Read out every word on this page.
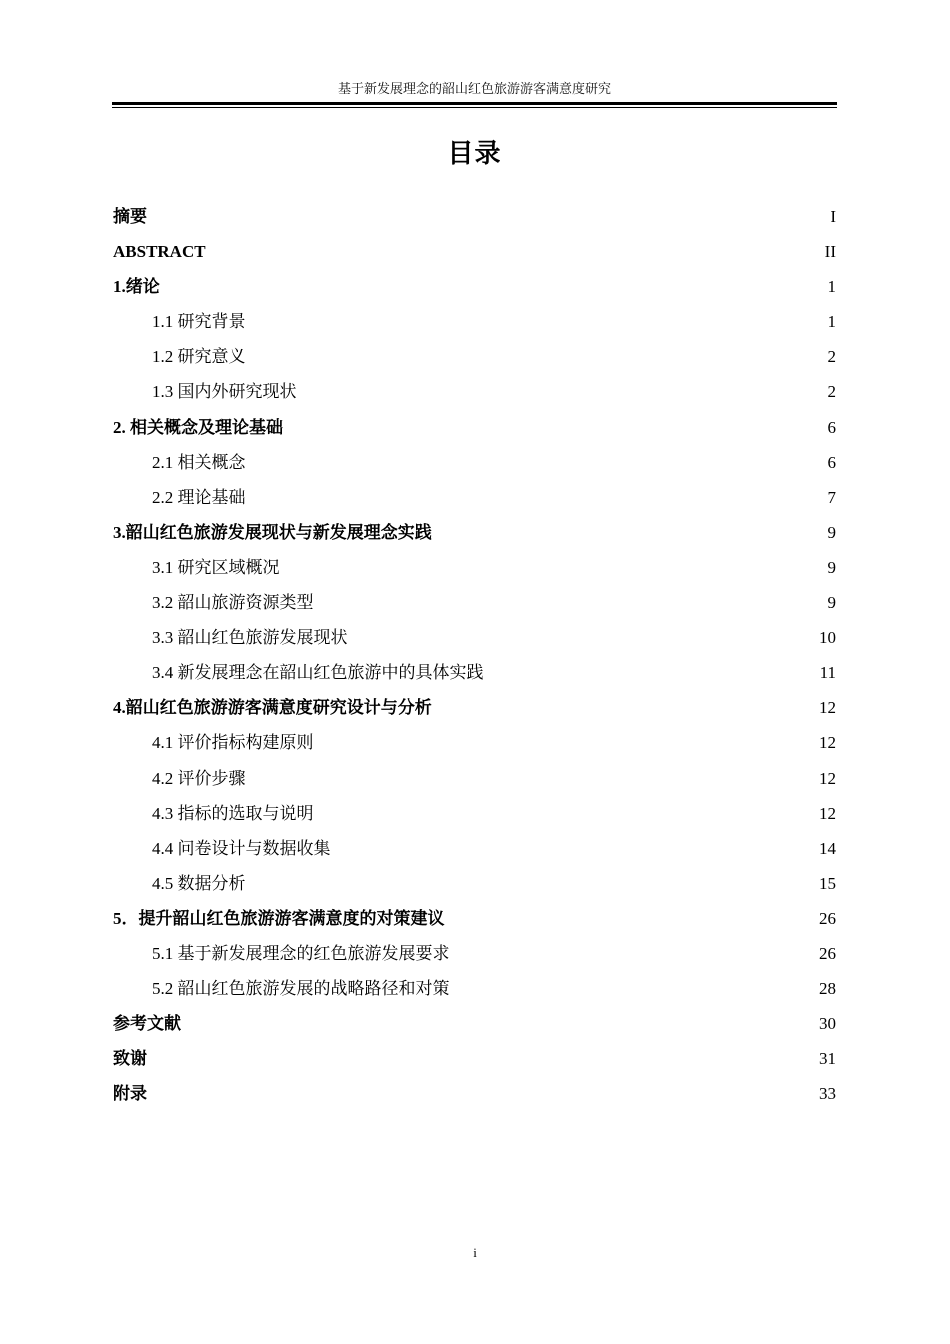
基于新发展理念的韶山红色旅游游客满意度研究
目录
摘要	I
ABSTRACT	II
1.绪论	1
1.1 研究背景	1
1.2 研究意义	2
1.3 国内外研究现状	2
2. 相关概念及理论基础	6
2.1 相关概念	6
2.2 理论基础	7
3.韶山红色旅游发展现状与新发展理念实践	9
3.1 研究区域概况	9
3.2 韶山旅游资源类型	9
3.3 韶山红色旅游发展现状	10
3.4 新发展理念在韶山红色旅游中的具体实践	11
4.韶山红色旅游游客满意度研究设计与分析	12
4.1 评价指标构建原则	12
4.2 评价步骤	12
4.3 指标的选取与说明	12
4.4 问卷设计与数据收集	14
4.5 数据分析	15
5．提升韶山红色旅游游客满意度的对策建议	26
5.1 基于新发展理念的红色旅游发展要求	26
5.2 韶山红色旅游发展的战略路径和对策	28
参考文献	30
致谢	31
附录	33
i
